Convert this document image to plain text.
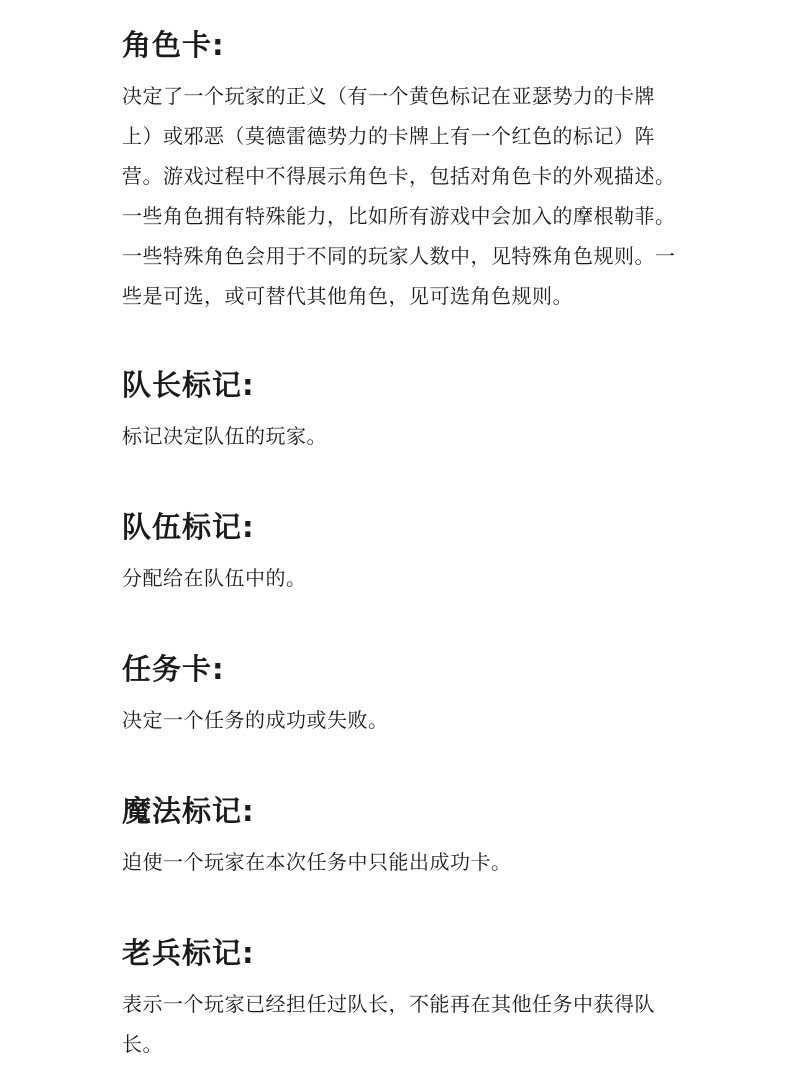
角色卡:

决定了一个玩家的正义（有一个黄色标记在亚瑟势力的卡牌上）或邪恶（莫德雷德势力的卡牌上有一个红色的标记）阵营。游戏过程中不得展示角色卡，包括对角色卡的外观描述。一些角色拥有特殊能力，比如所有游戏中会加入的摩根勒菲。一些特殊角色会用于不同的玩家人数中，见特殊角色规则。一些是可选，或可替代其他角色，见可选角色规则。

队长标记:

标记决定队伍的玩家。

队伍标记:

分配给在队伍中的。

任务卡:

决定一个任务的成功或失败。

魔法标记:

迫使一个玩家在本次任务中只能出成功卡。

老兵标记:

表示一个玩家已经担任过队长，不能再在其他任务中获得队长。
